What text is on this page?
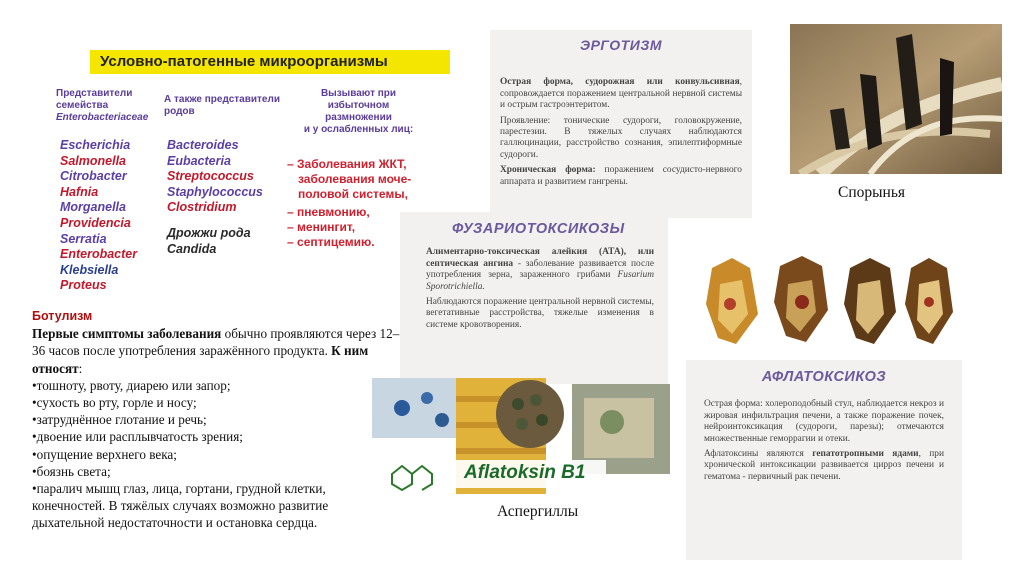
Условно-патогенные микроорганизмы
Представители
семейства
Enterobacteriaceae
А также представители
родов
Вызывают при
избыточном
размножении
и у ослабленных лиц:

Escherichia

Salmonella

Citrobacter

Hafnia

Morganella

Providencia

Serratia

Enterobacter

Klebsiella

Proteus

Bacteroides

Eubacteria

Streptococcus

Staphylococcus

Clostridium

Дрожжи рода

Candida

– Заболевания ЖКТ,
заболевания моче-
половой системы,
– пневмонию,
– менингит,
– септицемию.
Ботулизм
Первые симптомы заболевания обычно проявляются через 12–36 часов после употребления заражённого продукта. К ним относят:
•тошноту, рвоту, диарею или запор;
•сухость во рту, горле и носу;
•затруднённое глотание и речь;
•двоение или расплывчатость зрения;
•опущение верхнего века;
•боязнь света;
•паралич мышц глаз, лица, гортани, грудной клетки, конечностей. В тяжёлых случаях возможно развитие дыхательной недостаточности и остановка сердца.
ЭРГОТИЗМ

Острая форма, судорожная или конвульсивная, сопровождается поражением центральной нервной системы и острым гастроэнтеритом.

Проявление: тонические судороги, головокружение, парестезии. В тяжелых случаях наблюдаются галлюцинации, расстройство сознания, эпилептиформные судороги.

Хроническая форма: поражением сосудисто-нервного аппарата и развитием гангрены.

Спорынья
ФУЗАРИОТОКСИКОЗЫ

Алиментарно-токсическая алейкия (АТА), или септическая ангина - заболевание развивается после употребления зерна, зараженного грибами Fusarium Sporotrichiella.

Наблюдаются поражение центральной нервной системы, вегетативные расстройства, тяжелые изменения в системе кровотворения.

Aflatoksin B1
Аспергиллы
АФЛАТОКСИКОЗ

Острая форма: холероподобный стул, наблюдается некроз и жировая инфильтрация печени, а также поражение почек, нейроинтоксикация (судороги, парезы); отмечаются множественные геморрагии и отеки.

Афлатоксины являются гепатотропными ядами, при хронической интоксикации развивается цирроз печени и гематома - первичный рак печени.
